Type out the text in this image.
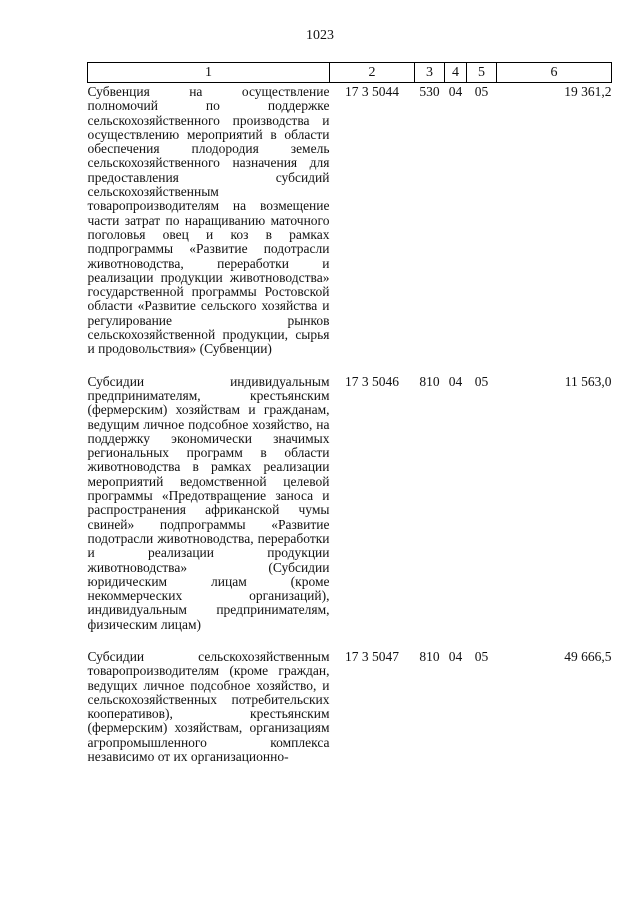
1023
1	2	3	4	5	6
Субвенция на осуществление полномочий по поддержке сельскохозяйственного производства и осуществлению мероприятий в области обеспечения плодородия земель сельскохозяйственного назначения для предоставления субсидий сельскохозяйственным товаропроизводителям на возмещение части затрат по наращиванию маточного поголовья овец и коз в рамках подпрограммы «Развитие подотрасли животноводства, переработки и реализации продукции животноводства» государственной программы Ростовской области «Развитие сельского хозяйства и регулирование рынков сельскохозяйственной продукции, сырья и продовольствия» (Субвенции)	17 3 5044	530	04	05	19 361,2

Субсидии индивидуальным предпринимателям, крестьянским (фермерским) хозяйствам и гражданам, ведущим личное подсобное хозяйство, на поддержку экономически значимых региональных программ в области животноводства в рамках реализации мероприятий ведомственной целевой программы «Предотвращение заноса и распространения африканской чумы свиней» подпрограммы «Развитие подотрасли животноводства, переработки и реализации продукции животноводства» (Субсидии юридическим лицам (кроме некоммерческих организаций), индивидуальным предпринимателям, физическим лицам)	17 3 5046	810	04	05	11 563,0

Субсидии сельскохозяйственным товаропроизводителям (кроме граждан, ведущих личное подсобное хозяйство, и сельскохозяйственных потребительских кооперативов), крестьянским (фермерским) хозяйствам, организациям агропромышленного комплекса независимо от их организационно-	17 3 5047	810	04	05	49 666,5
